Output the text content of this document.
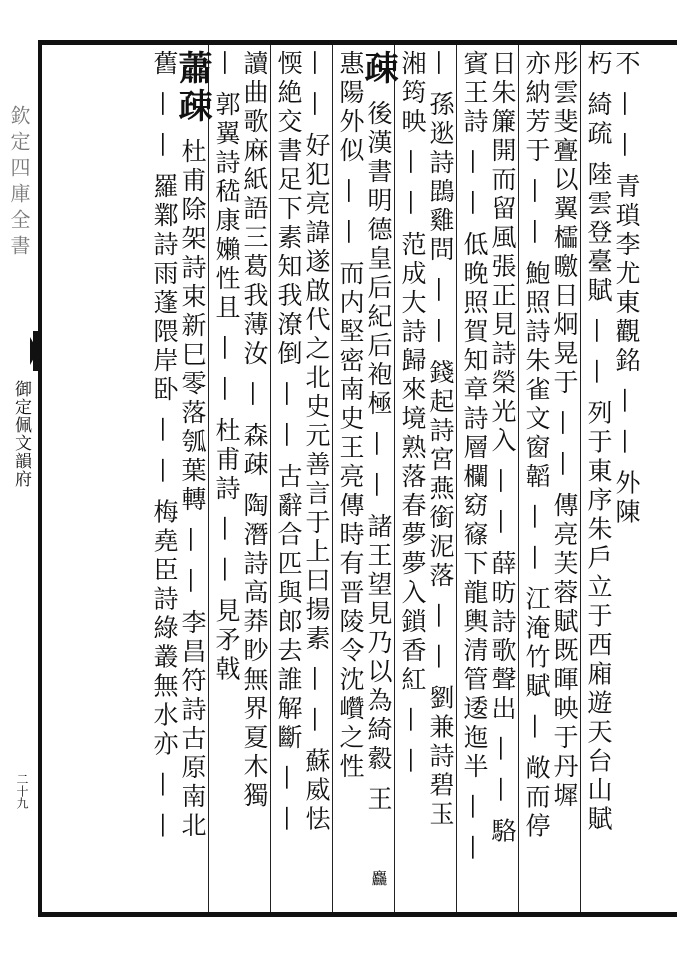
欽定四庫全書
御定佩文韻府
二十九
不 — — 青瑣李尤東觀銘 — — 外陳
朽 綺疏 陸雲登臺賦 — — 列于東序朱戶立于西廂遊天台山賦
彤雲斐亹以翼櫺曒日炯晃于 — — 傳亮芙蓉賦既暉映于丹墀
亦納芳于 — — 鮑照詩朱雀文窗韜 — — 江淹竹賦 — 敞而停
日朱簾開而留風張正見詩榮光入 — — 薛昉詩歌聲出 — — 駱
賓王詩 — — 低晚照賀知章詩層欄窈窱下龍輿清管逶迤半 — —
— 孫逖詩鵾雞問 — — 錢起詩宮燕銜泥落 — — 劉兼詩碧玉
湘筠映 — — 范成大詩歸來境熟落春夢夢入鎖香紅 — —
疎 後漢書明德皇后紀后袍極 — — 諸王望見乃以為綺縠 王
惠陽外似 — — 而内堅密南史王亮傳時有晋陵令沈巑之性
— — 好犯亮諱遂啟代之北史元善言于上曰揚素 — — 蘇威怯
愞絶交書足下素知我潦倒 — — 古辭合匹與郎去誰解斷 — —
讀曲歌麻紙語三葛我薄汝 — 森疎 陶潛詩高莽眇無界夏木獨
— 郭翼詩嵇康嬾性且 — — 杜甫詩 — — 見矛戟
蕭疎 杜甫除架詩束新巳零落瓠葉轉 — — 李昌符詩古原南北
舊 — — 羅鄴詩雨蓬隈岸卧 — — 梅堯臣詩綠叢無水亦 — —
麤
